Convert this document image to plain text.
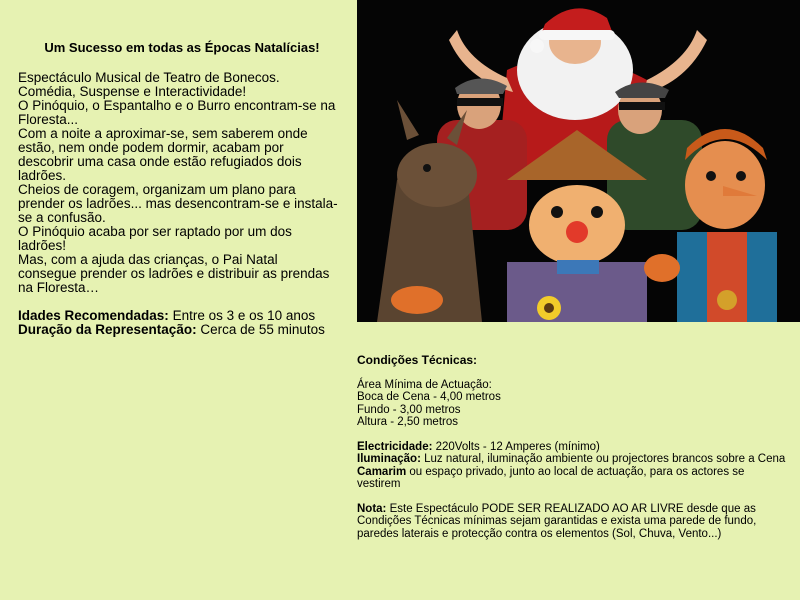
Um Sucesso em todas as Épocas Natalícias!
Espectáculo Musical de Teatro de Bonecos.
Comédia, Suspense e Interactividade!
O Pinóquio, o Espantalho e o Burro encontram-se na Floresta...
Com a noite a aproximar-se, sem saberem onde estão, nem onde podem dormir, acabam por descobrir uma casa onde estão refugiados dois ladrões.
Cheios de coragem, organizam um plano para prender os ladrões... mas desencontram-se e instala-se a confusão.
O Pinóquio acaba por ser raptado por um dos ladrões!
Mas, com a ajuda das crianças, o Pai Natal consegue prender os ladrões e distribuir as prendas na Floresta…
Idades Recomendadas: Entre os 3 e os 10 anos
Duração da Representação: Cerca de 55 minutos
Condições Técnicas:
Área Mínima de Actuação:
Boca de Cena - 4,00 metros
Fundo - 3,00 metros
Altura - 2,50 metros
Electricidade: 220Volts - 12 Amperes (mínimo)
Iluminação: Luz natural, iluminação ambiente ou projectores brancos sobre a Cena
Camarim ou espaço privado, junto ao local de actuação, para os actores se vestirem
Nota: Este Espectáculo PODE SER REALIZADO AO AR LIVRE desde que as Condições Técnicas mínimas sejam garantidas e exista uma parede de fundo, paredes laterais e protecção contra os elementos (Sol, Chuva, Vento...)
